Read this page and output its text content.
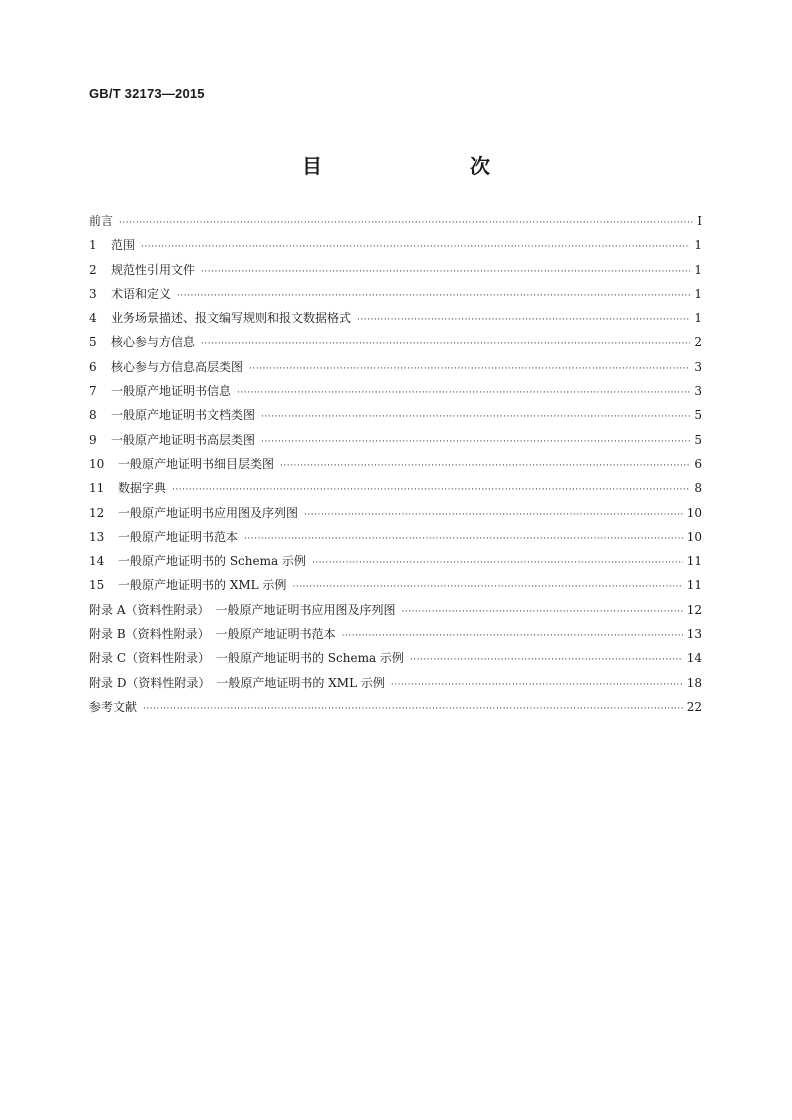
GB/T 32173—2015
目　　次
前言 ·····	Ⅰ
1	范围 ·····	1
2	规范性引用文件 ·····	1
3	术语和定义 ·····	1
4	业务场景描述、报文编写规则和报文数据格式 ·····	1
5	核心参与方信息 ·····	2
6	核心参与方信息高层类图 ·····	3
7	一般原产地证明书信息 ·····	3
8	一般原产地证明书文档类图 ·····	5
9	一般原产地证明书高层类图 ·····	5
10	一般原产地证明书细目层类图 ·····	6
11	数据字典 ·····	8
12	一般原产地证明书应用图及序列图 ·····	10
13	一般原产地证明书范本 ·····	10
14	一般原产地证明书的 Schema 示例 ·····	11
15	一般原产地证明书的 XML 示例 ·····	11
附录 A（资料性附录）　一般原产地证明书应用图及序列图 ·····	12
附录 B（资料性附录）　一般原产地证明书范本 ·····	13
附录 C（资料性附录）　一般原产地证明书的 Schema 示例 ·····	14
附录 D（资料性附录）　一般原产地证明书的 XML 示例 ·····	18
参考文献 ·····	22
